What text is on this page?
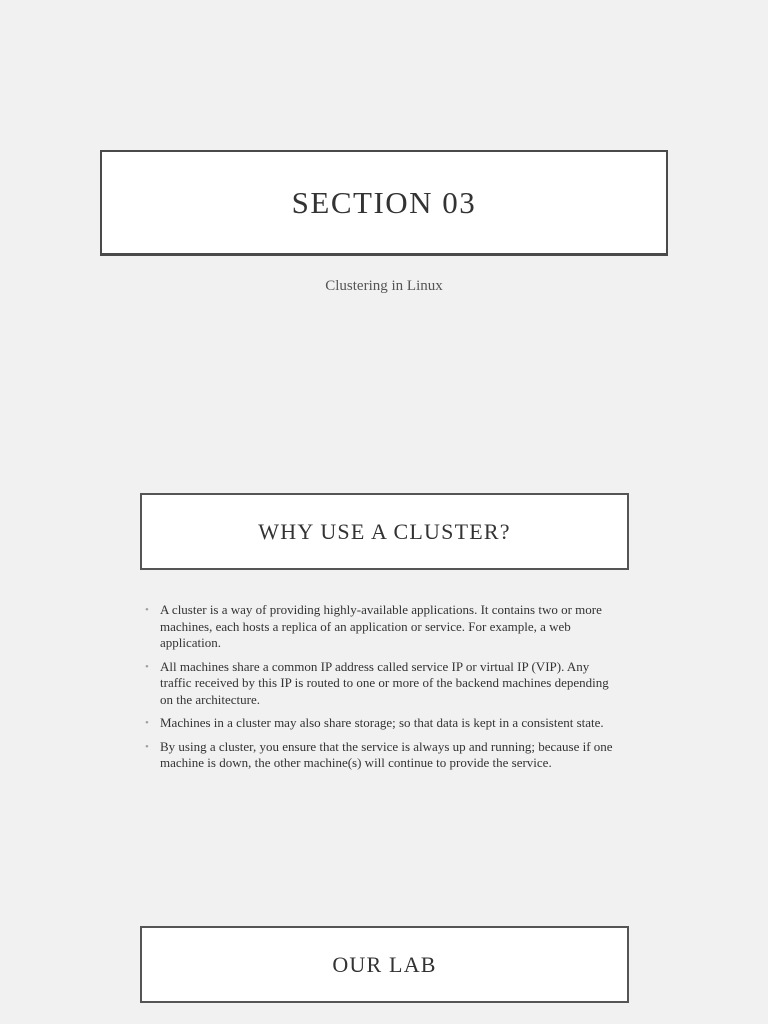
SECTION 03
Clustering in Linux
WHY USE A CLUSTER?
• A cluster is a way of providing highly-available applications. It contains two or more machines, each hosts a replica of an application or service. For example, a web application.
• All machines share a common IP address called service IP or virtual IP (VIP). Any traffic received by this IP is routed to one or more of the backend machines depending on the architecture.
• Machines in a cluster may also share storage; so that data is kept in a consistent state.
• By using a cluster, you ensure that the service is always up and running; because if one machine is down, the other machine(s) will continue to provide the service.
OUR LAB
